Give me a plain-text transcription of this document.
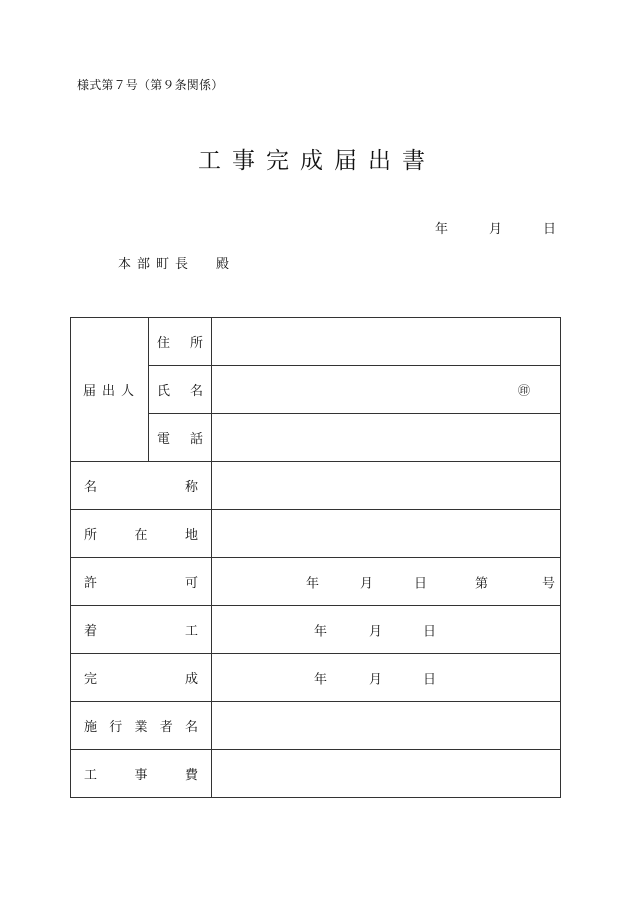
様式第７号（第９条関係）
工事完成届出書
年	月	日
本部町長 殿
届出人	住 所	

	氏 名	㊞

	電 話	

名 称		

所 在 地		

許 可		年 月 日 第 号

着 工		年 月 日

完 成		年 月 日

施 行 業 者 名		

工 事 費		
